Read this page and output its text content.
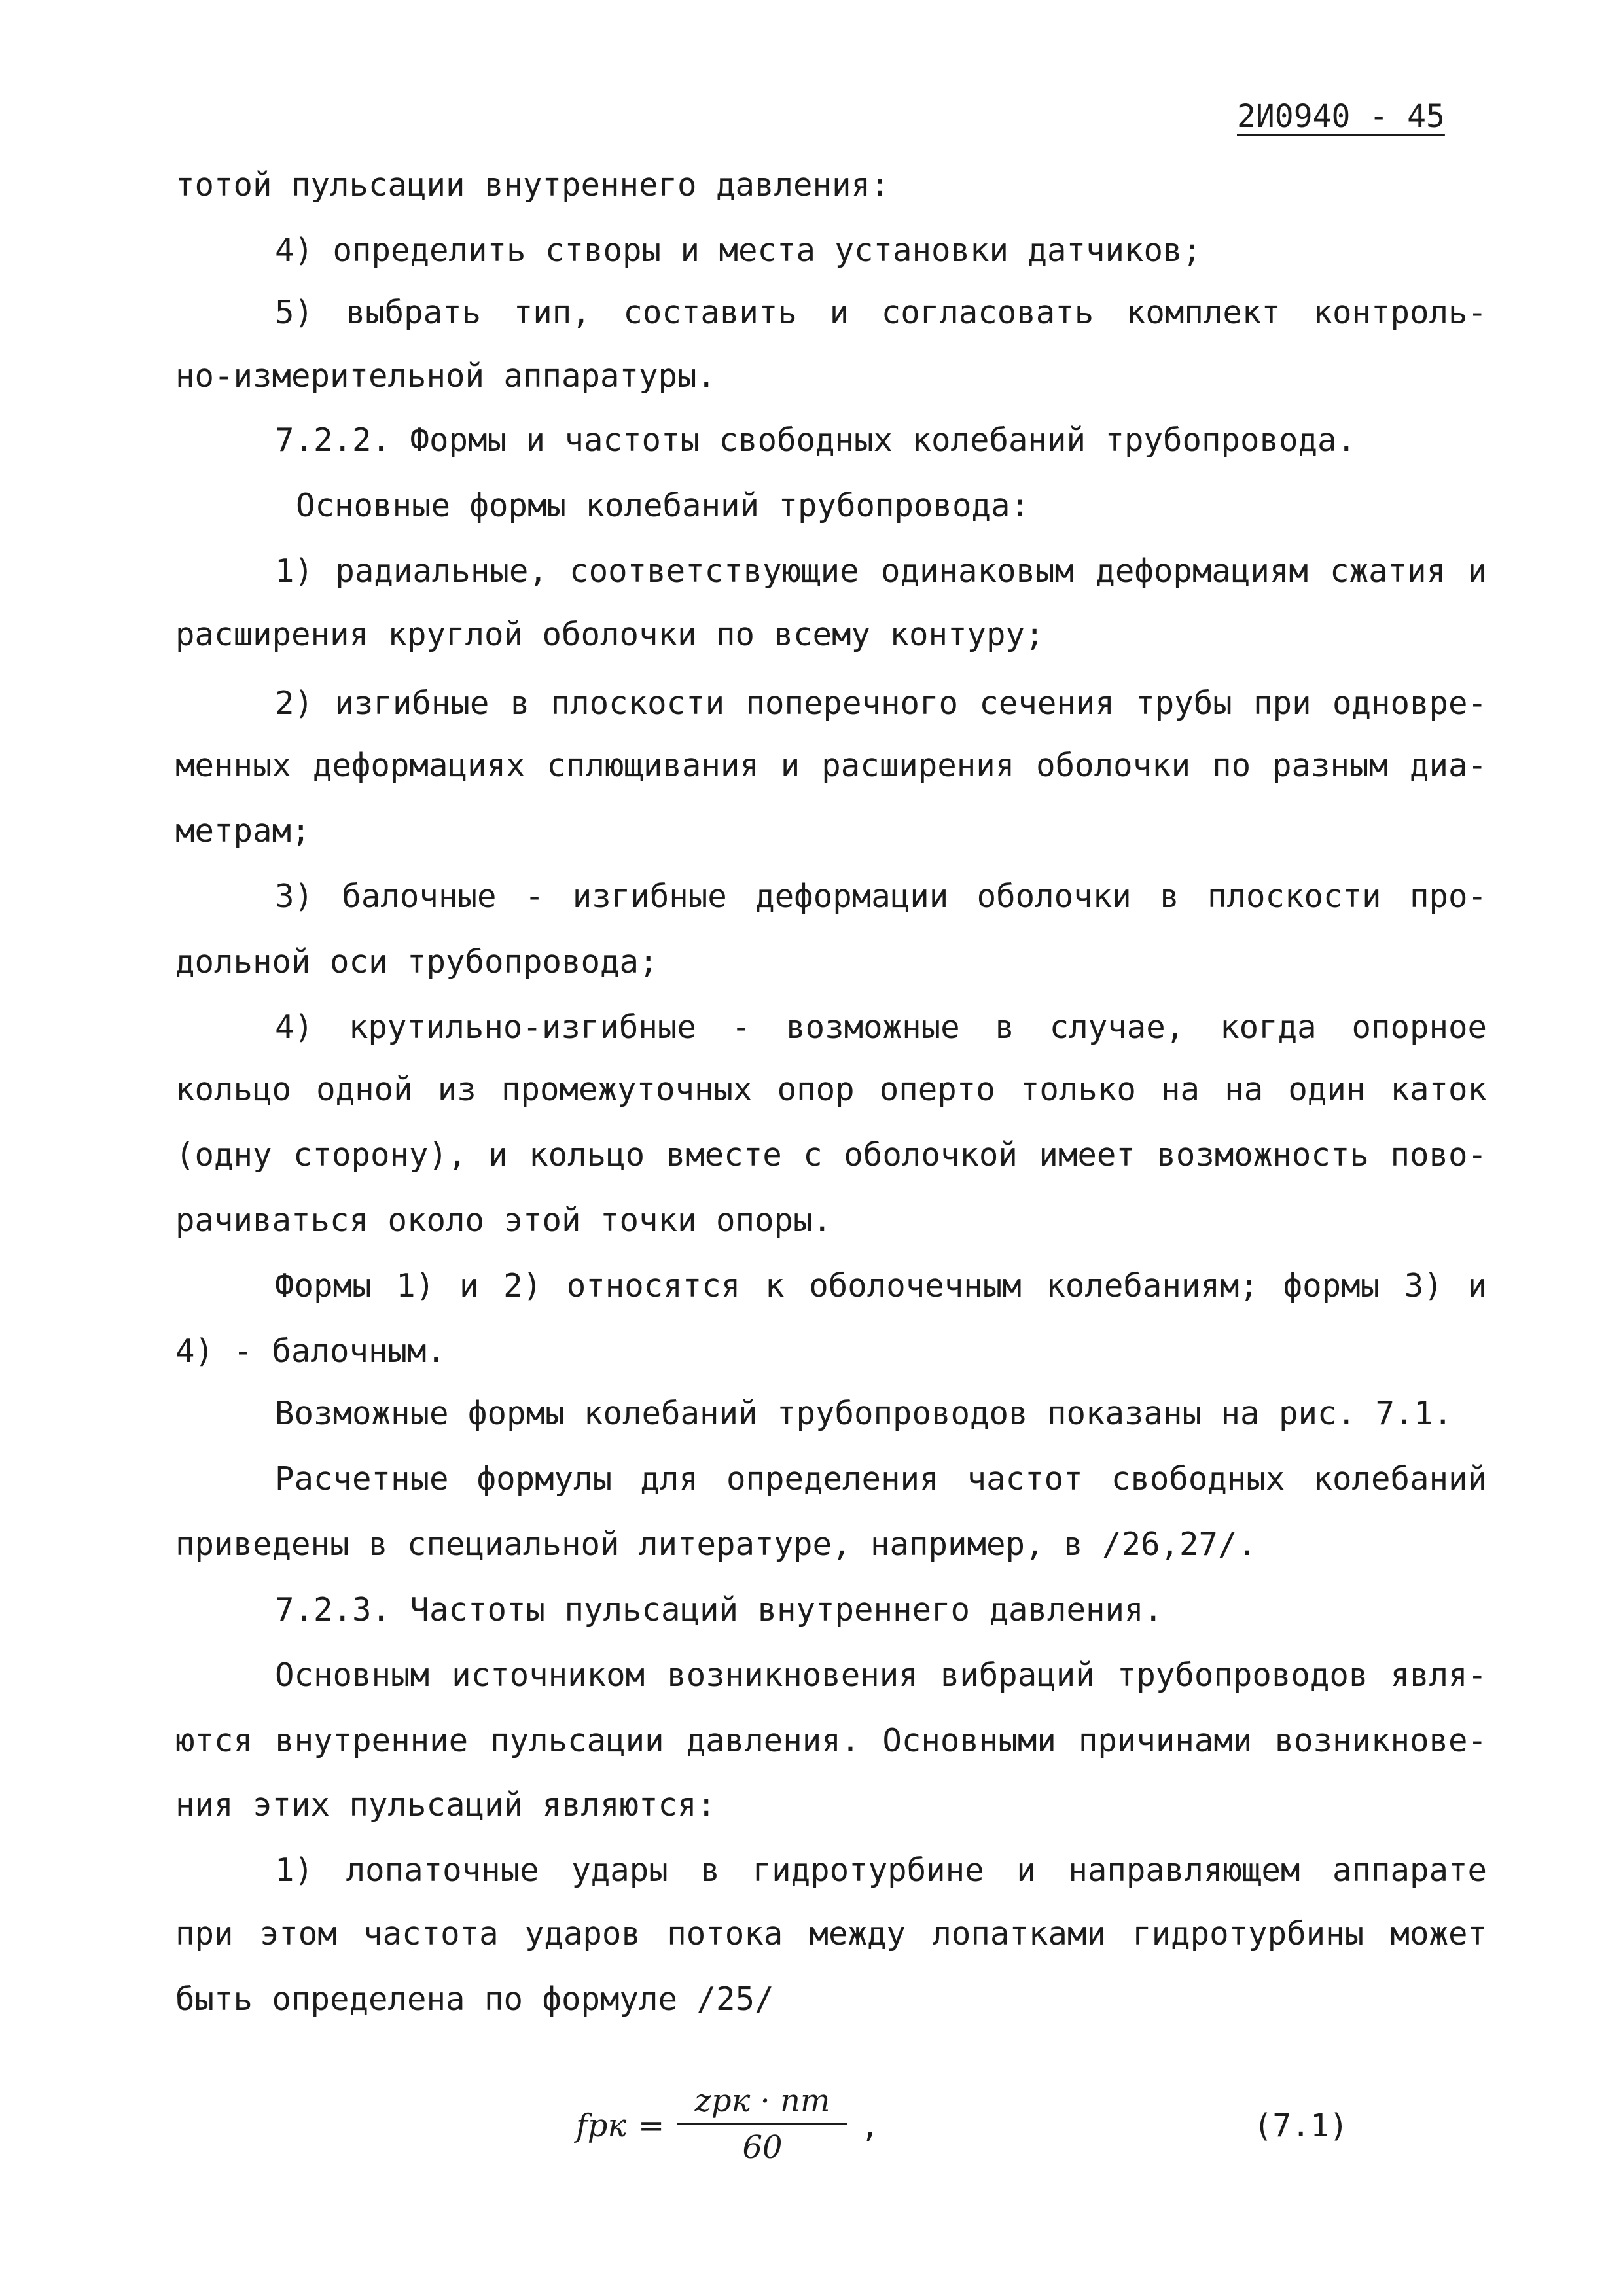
2И0940 - 45
тотой пульсации внутреннего давления:
4) определить створы и места установки датчиков;
5) выбрать тип, составить и согласовать комплект контроль-
но-измерительной аппаратуры.
7.2.2. Формы и частоты свободных колебаний трубопровода.
Основные формы колебаний трубопровода:
1) радиальные, соответствующие одинаковым деформациям сжатия и
расширения круглой оболочки по всему контуру;
2) изгибные в плоскости поперечного сечения трубы при одновре-
менных деформациях сплющивания и расширения оболочки по разным диа-
метрам;
3) балочные - изгибные деформации оболочки в плоскости про-
дольной оси трубопровода;
4) крутильно-изгибные - возможные в случае, когда опорное
кольцо одной из промежуточных опор оперто только на на один каток
(одну сторону), и кольцо вместе с оболочкой имеет возможность пово-
рачиваться около этой точки опоры.
Формы 1) и 2) относятся к оболочечным колебаниям; формы 3) и
4) - балочным.
Возможные формы колебаний трубопроводов показаны на рис. 7.1.
Расчетные формулы для определения частот свободных колебаний
приведены в специальной литературе, например, в /26,27/.
7.2.3. Частоты пульсаций внутреннего давления.
Основным источником возникновения вибраций трубопроводов явля-
ются внутренние пульсации давления. Основными причинами возникнове-
ния этих пульсаций являются:
1) лопаточные удары в гидротурбине и направляющем аппарате
при этом частота ударов потока между лопатками гидротурбины может
быть определена по формуле /25/
fрк =
zрк · nт
60
,	(7.1)
